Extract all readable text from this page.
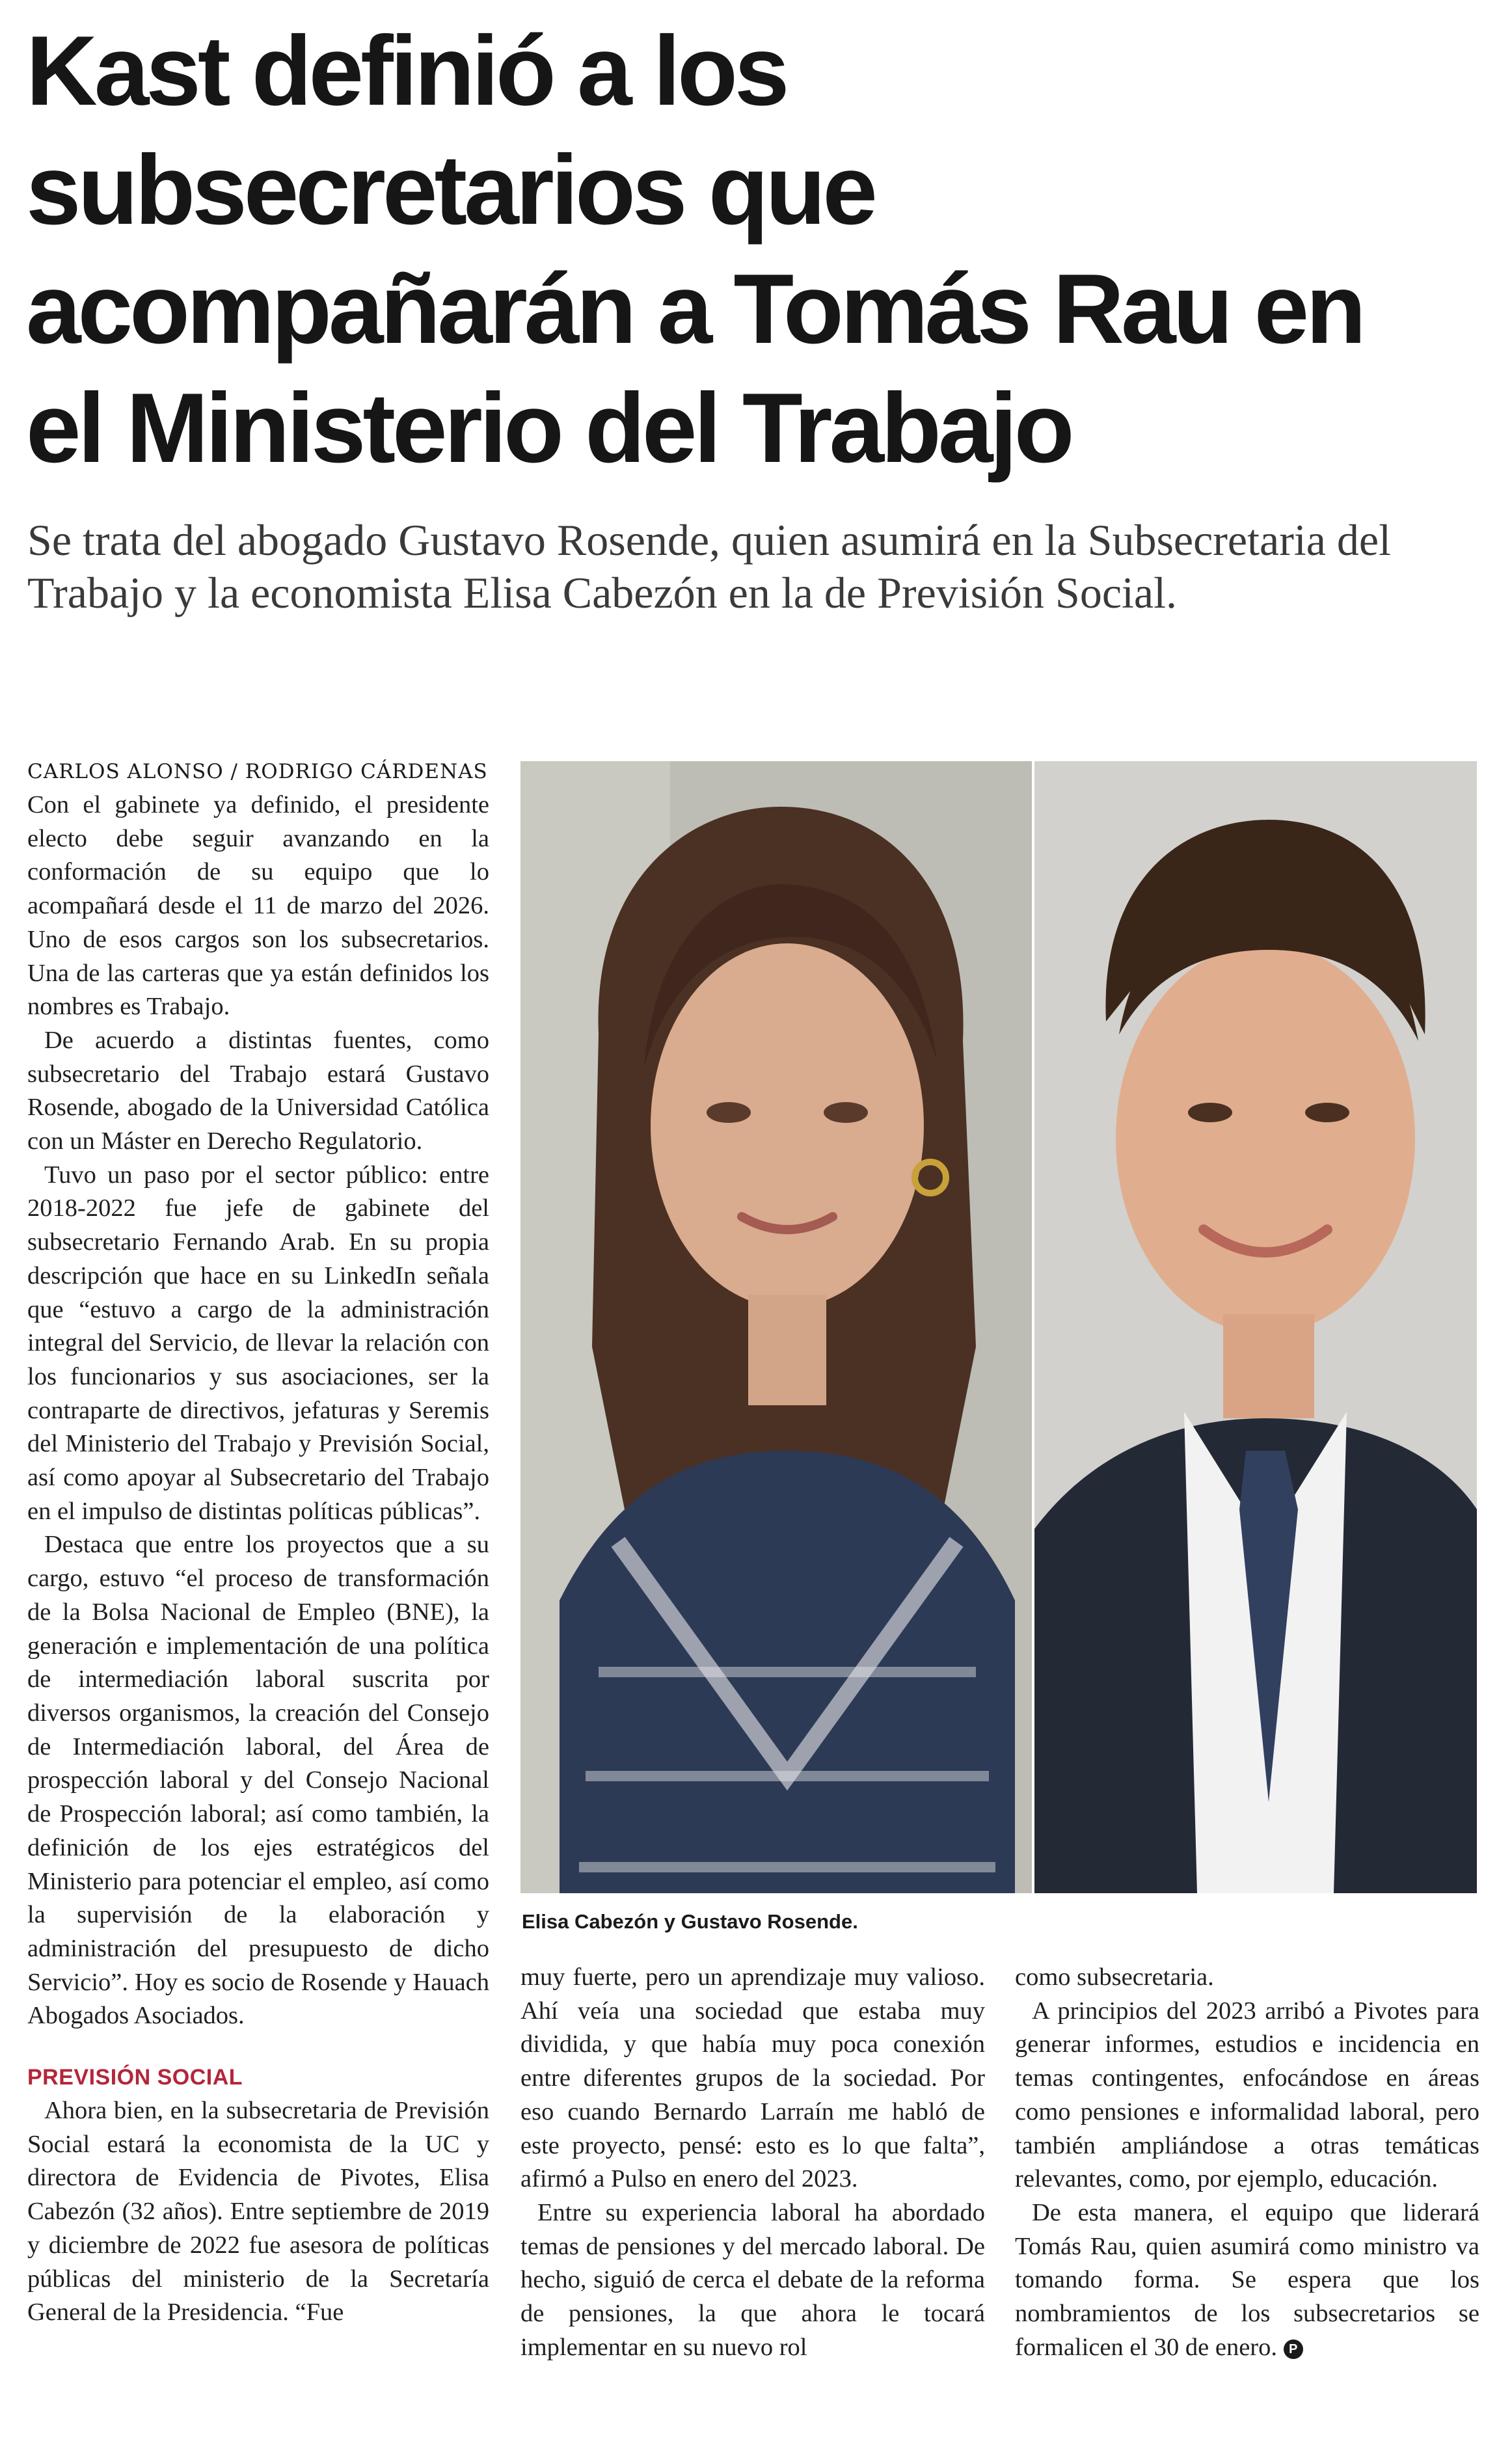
Kast definió a los
subsecretarios que
acompañarán a Tomás Rau en
el Ministerio del Trabajo

Se trata del abogado Gustavo Rosende, quien asumirá en la Subsecretaria del
Trabajo y la economista Elisa Cabezón en la de Previsión Social.

CARLOS ALONSO / RODRIGO CÁRDENAS

Con el gabinete ya definido, el presidente electo debe seguir avanzando en la conformación de su equipo que lo acompañará desde el 11 de marzo del 2026. Uno de esos cargos son los subsecretarios. Una de las carteras que ya están definidos los nombres es Trabajo.

De acuerdo a distintas fuentes, como subsecretario del Trabajo estará Gustavo Rosende, abogado de la Universidad Católica con un Máster en Derecho Regulatorio.

Tuvo un paso por el sector público: entre 2018-2022 fue jefe de gabinete del subsecretario Fernando Arab. En su propia descripción que hace en su LinkedIn señala que “estuvo a cargo de la administración integral del Servicio, de llevar la relación con los funcionarios y sus asociaciones, ser la contraparte de directivos, jefaturas y Seremis del Ministerio del Trabajo y Previsión Social, así como apoyar al Subsecretario del Trabajo en el impulso de distintas políticas públicas”.

Destaca que entre los proyectos que a su cargo, estuvo “el proceso de transformación de la Bolsa Nacional de Empleo (BNE), la generación e implementación de una política de intermediación laboral suscrita por diversos organismos, la creación del Consejo de Intermediación laboral, del Área de prospección laboral y del Consejo Nacional de Prospección laboral; así como también, la definición de los ejes estratégicos del Ministerio para potenciar el empleo, así como la supervisión de la elaboración y administración del presupuesto de dicho Servicio”. Hoy es socio de Rosende y Hauach Abogados Asociados.

PREVISIÓN SOCIAL

Ahora bien, en la subsecretaria de Previsión Social estará la economista de la UC y directora de Evidencia de Pivotes, Elisa Cabezón (32 años). Entre septiembre de 2019 y diciembre de 2022 fue asesora de políticas públicas del ministerio de la Secretaría General de la Presidencia. “Fue

Elisa Cabezón y Gustavo Rosende.

muy fuerte, pero un aprendizaje muy valioso. Ahí veía una sociedad que estaba muy dividida, y que había muy poca conexión entre diferentes grupos de la sociedad. Por eso cuando Bernardo Larraín me habló de este proyecto, pensé: esto es lo que falta”, afirmó a Pulso en enero del 2023.

Entre su experiencia laboral ha abordado temas de pensiones y del mercado laboral. De hecho, siguió de cerca el debate de la reforma de pensiones, la que ahora le tocará implementar en su nuevo rol

como subsecretaria.

A principios del 2023 arribó a Pivotes para generar informes, estudios e incidencia en temas contingentes, enfocándose en áreas como pensiones e informalidad laboral, pero también ampliándose a otras temáticas relevantes, como, por ejemplo, educación.

De esta manera, el equipo que liderará Tomás Rau, quien asumirá como ministro va tomando forma. Se espera que los nombramientos de los subsecretarios se formalicen el 30 de enero. P
